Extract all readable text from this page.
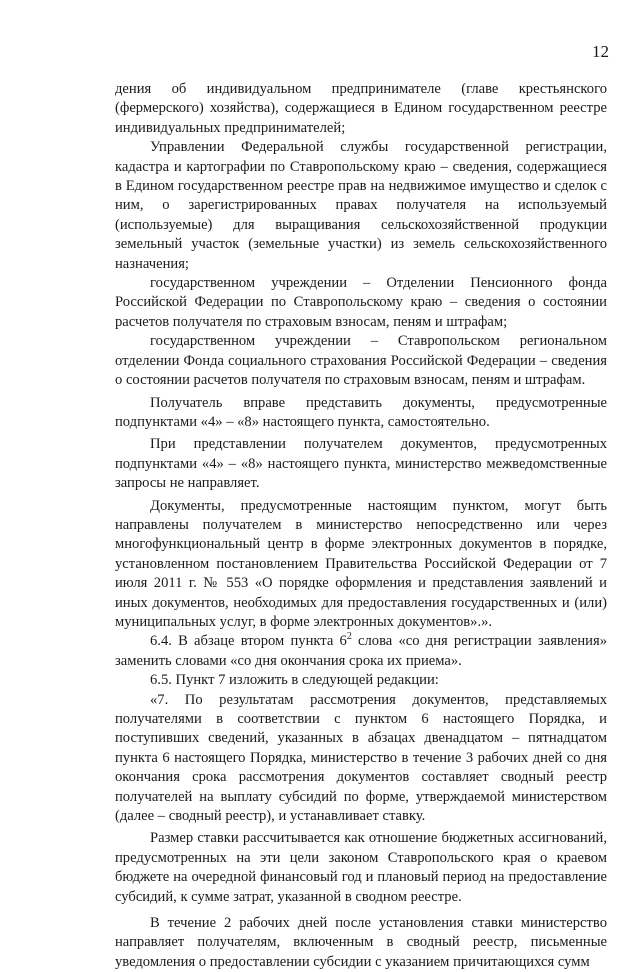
12

дения об индивидуальном предпринимателе (главе крестьянского (фермерского) хозяйства), содержащиеся в Едином государственном реестре индивидуальных предпринимателей;

Управлении Федеральной службы государственной регистрации, кадастра и картографии по Ставропольскому краю – сведения, содержащиеся в Едином государственном реестре прав на недвижимое имущество и сделок с ним, о зарегистрированных правах получателя на используемый (используемые) для выращивания сельскохозяйственной продукции земельный участок (земельные участки) из земель сельскохозяйственного назначения;

государственном учреждении – Отделении Пенсионного фонда Российской Федерации по Ставропольскому краю – сведения о состоянии расчетов получателя по страховым взносам, пеням и штрафам;

государственном учреждении – Ставропольском региональном отделении Фонда социального страхования Российской Федерации – сведения о состоянии расчетов получателя по страховым взносам, пеням и штрафам.

Получатель вправе представить документы, предусмотренные подпунктами «4» – «8» настоящего пункта, самостоятельно.

При представлении получателем документов, предусмотренных подпунктами «4» – «8» настоящего пункта, министерство межведомственные запросы не направляет.

Документы, предусмотренные настоящим пунктом, могут быть направлены получателем в министерство непосредственно или через многофункциональный центр в форме электронных документов в порядке, установленном постановлением Правительства Российской Федерации от 7 июля 2011 г. № 553 «О порядке оформления и представления заявлений и иных документов, необходимых для предоставления государственных и (или) муниципальных услуг, в форме электронных документов».».

6.4. В абзаце втором пункта $6^2$ слова «со дня регистрации заявления» заменить словами «со дня окончания срока их приема».

6.5. Пункт 7 изложить в следующей редакции:

«7. По результатам рассмотрения документов, представляемых получателями в соответствии с пунктом 6 настоящего Порядка, и поступивших сведений, указанных в абзацах двенадцатом – пятнадцатом пункта 6 настоящего Порядка, министерство в течение 3 рабочих дней со дня окончания срока рассмотрения документов составляет сводный реестр получателей на выплату субсидий по форме, утверждаемой министерством (далее – сводный реестр), и устанавливает ставку.

Размер ставки рассчитывается как отношение бюджетных ассигнований, предусмотренных на эти цели законом Ставропольского края о краевом бюджете на очередной финансовый год и плановый период на предоставление субсидий, к сумме затрат, указанной в сводном реестре.

В течение 2 рабочих дней после установления ставки министерство направляет получателям, включенным в сводный реестр, письменные уведомления о предоставлении субсидии с указанием причитающихся сумм
